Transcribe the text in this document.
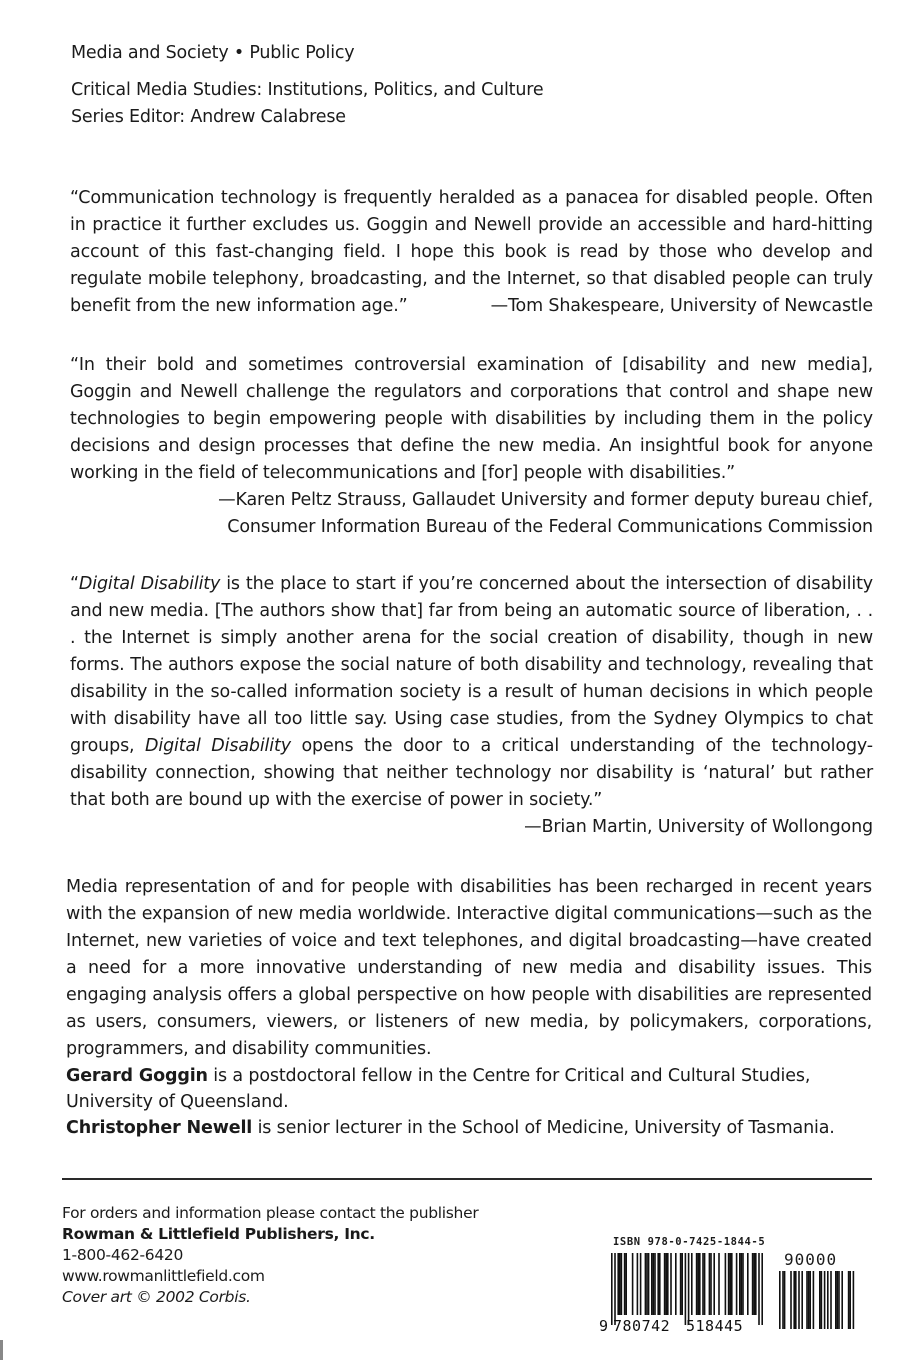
Media and Society • Public Policy
Critical Media Studies: Institutions, Politics, and Culture
Series Editor: Andrew Calabrese
“Communication technology is frequently heralded as a panacea for disabled people. Often in practice it further excludes us. Goggin and Newell provide an accessible and hard-hitting account of this fast-changing field. I hope this book is read by those who develop and regulate mobile telephony, broadcasting, and the Internet, so that disabled people can truly benefit from the new information age.”	—Tom Shakespeare, University of Newcastle
“In their bold and sometimes controversial examination of [disability and new media], Goggin and Newell challenge the regulators and corporations that control and shape new technologies to begin empowering people with disabilities by including them in the policy decisions and design processes that define the new media. An insightful book for anyone working in the field of telecommunications and [for] people with disabilities.”
—Karen Peltz Strauss, Gallaudet University and former deputy bureau chief,
Consumer Information Bureau of the Federal Communications Commission
“Digital Disability is the place to start if you’re concerned about the intersection of disability and new media. [The authors show that] far from being an automatic source of liberation, . . . the Internet is simply another arena for the social creation of disability, though in new forms. The authors expose the social nature of both disability and technology, revealing that disability in the so-called information society is a result of human decisions in which people with disability have all too little say. Using case studies, from the Sydney Olympics to chat groups, Digital Disability opens the door to a critical understanding of the technology-disability connection, showing that neither technology nor disability is ‘natural’ but rather that both are bound up with the exercise of power in society.”
—Brian Martin, University of Wollongong
Media representation of and for people with disabilities has been recharged in recent years with the expansion of new media worldwide. Interactive digital communications—such as the Internet, new varieties of voice and text telephones, and digital broadcasting—have created a need for a more innovative understanding of new media and disability issues. This engaging analysis offers a global perspective on how people with disabilities are represented as users, consumers, viewers, or listeners of new media, by policymakers, corporations, programmers, and disability communities.
Gerard Goggin is a postdoctoral fellow in the Centre for Critical and Cultural Studies, University of Queensland.
Christopher Newell is senior lecturer in the School of Medicine, University of Tasmania.
For orders and information please contact the publisher
Rowman & Littlefield Publishers, Inc.
1-800-462-6420
www.rowmanlittlefield.com
Cover art © 2002 Corbis.
ISBN 978-0-7425-1844-5
90000
9 780742 518445
